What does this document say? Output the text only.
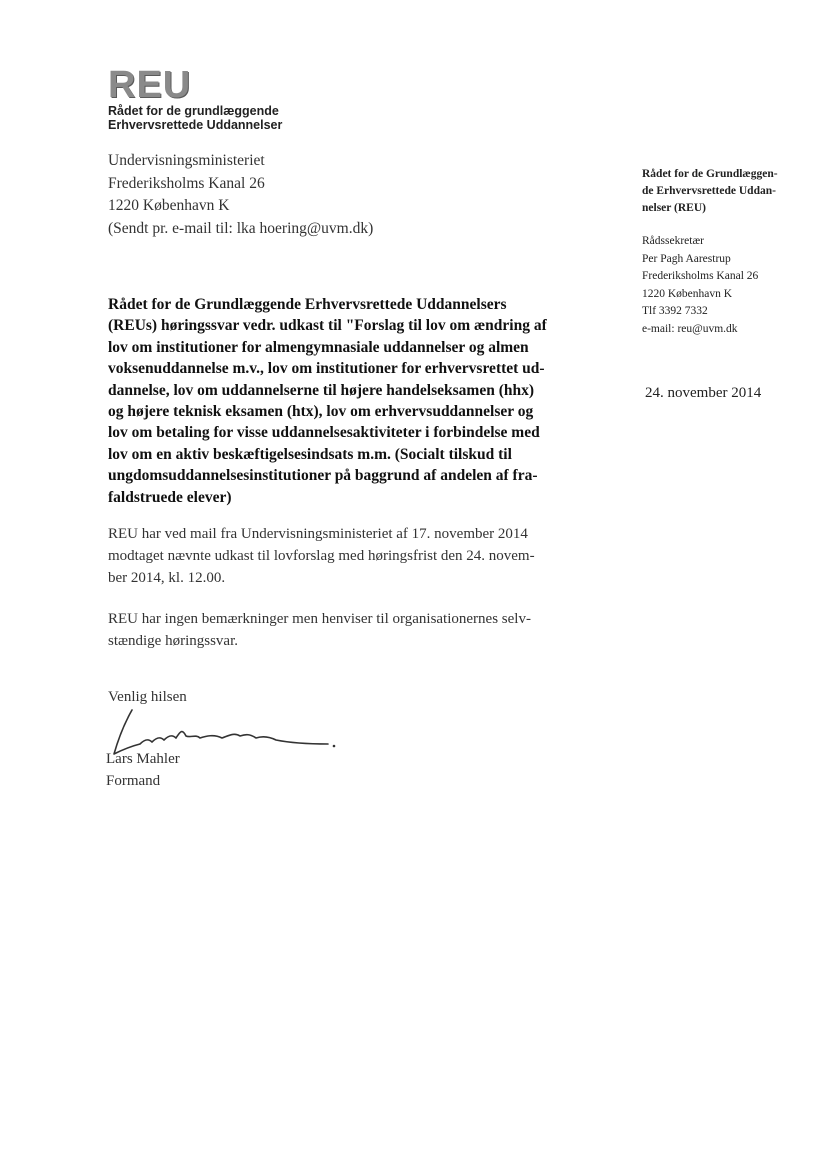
REU
Rådet for de grundlæggende
Erhvervsrettede Uddannelser
Undervisningsministeriet
Frederiksholms Kanal 26
1220 København K
(Sendt pr. e-mail til: lka hoering@uvm.dk)
Rådet for de Grundlæggen-
de Erhvervsrettede Uddan-
nelser (REU)
Rådssekretær
Per Pagh Aarestrup
Frederiksholms Kanal 26
1220 København K
Tlf 3392 7332
e-mail: reu@uvm.dk
24. november 2014
Rådet for de Grundlæggende Erhvervsrettede Uddannelsers
(REUs) høringssvar vedr. udkast til "Forslag til lov om ændring af
lov om institutioner for almengymnasiale uddannelser og almen
voksenuddannelse m.v., lov om institutioner for erhvervsrettet ud-
dannelse, lov om uddannelserne til højere handelseksamen (hhx)
og højere teknisk eksamen (htx), lov om erhvervsuddannelser og
lov om betaling for visse uddannelsesaktiviteter i forbindelse med
lov om en aktiv beskæftigelsesindsats m.m. (Socialt tilskud til
ungdomsuddannelsesinstitutioner på baggrund af andelen af fra-
faldstruede elever)
REU har ved mail fra Undervisningsministeriet af 17. november 2014
modtaget nævnte udkast til lovforslag med høringsfrist den 24. novem-
ber 2014, kl. 12.00.
REU har ingen bemærkninger men henviser til organisationernes selv-
stændige høringssvar.
Venlig hilsen
Lars Mahler
Formand
